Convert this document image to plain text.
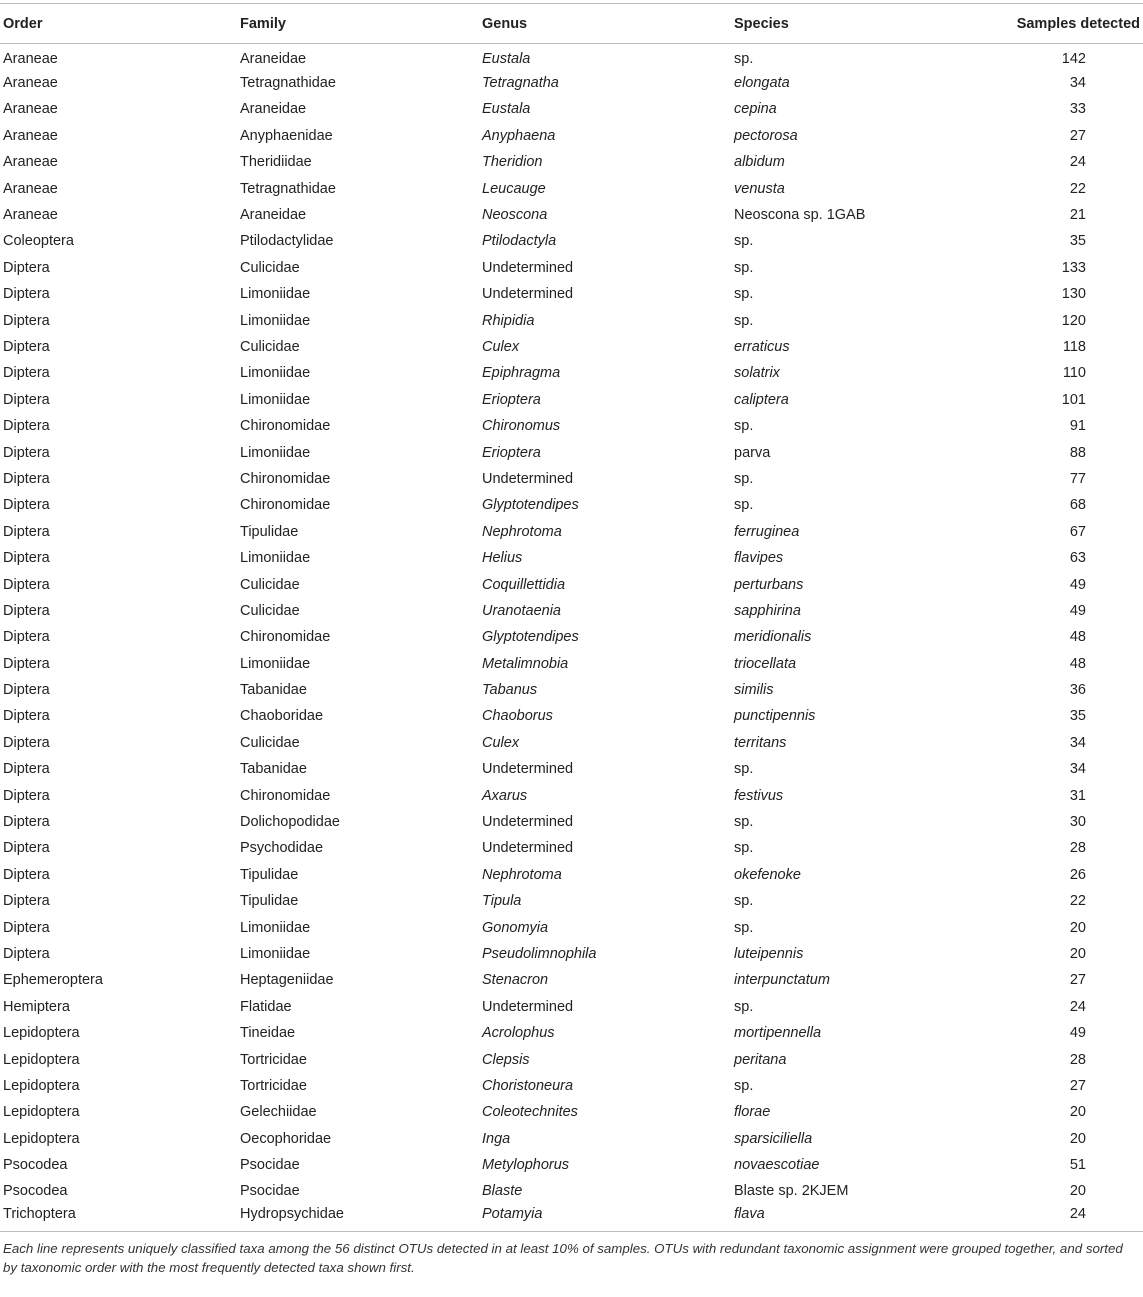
Order	Family	Genus	Species	Samples detected
Araneae	Araneidae	Eustala	sp.	142
Araneae	Tetragnathidae	Tetragnatha	elongata	34
Araneae	Araneidae	Eustala	cepina	33
Araneae	Anyphaenidae	Anyphaena	pectorosa	27
Araneae	Theridiidae	Theridion	albidum	24
Araneae	Tetragnathidae	Leucauge	venusta	22
Araneae	Araneidae	Neoscona	Neoscona sp. 1GAB	21
Coleoptera	Ptilodactylidae	Ptilodactyla	sp.	35
Diptera	Culicidae	Undetermined	sp.	133
Diptera	Limoniidae	Undetermined	sp.	130
Diptera	Limoniidae	Rhipidia	sp.	120
Diptera	Culicidae	Culex	erraticus	118
Diptera	Limoniidae	Epiphragma	solatrix	110
Diptera	Limoniidae	Erioptera	caliptera	101
Diptera	Chironomidae	Chironomus	sp.	91
Diptera	Limoniidae	Erioptera	parva	88
Diptera	Chironomidae	Undetermined	sp.	77
Diptera	Chironomidae	Glyptotendipes	sp.	68
Diptera	Tipulidae	Nephrotoma	ferruginea	67
Diptera	Limoniidae	Helius	flavipes	63
Diptera	Culicidae	Coquillettidia	perturbans	49
Diptera	Culicidae	Uranotaenia	sapphirina	49
Diptera	Chironomidae	Glyptotendipes	meridionalis	48
Diptera	Limoniidae	Metalimnobia	triocellata	48
Diptera	Tabanidae	Tabanus	similis	36
Diptera	Chaoboridae	Chaoborus	punctipennis	35
Diptera	Culicidae	Culex	territans	34
Diptera	Tabanidae	Undetermined	sp.	34
Diptera	Chironomidae	Axarus	festivus	31
Diptera	Dolichopodidae	Undetermined	sp.	30
Diptera	Psychodidae	Undetermined	sp.	28
Diptera	Tipulidae	Nephrotoma	okefenoke	26
Diptera	Tipulidae	Tipula	sp.	22
Diptera	Limoniidae	Gonomyia	sp.	20
Diptera	Limoniidae	Pseudolimnophila	luteipennis	20
Ephemeroptera	Heptageniidae	Stenacron	interpunctatum	27
Hemiptera	Flatidae	Undetermined	sp.	24
Lepidoptera	Tineidae	Acrolophus	mortipennella	49
Lepidoptera	Tortricidae	Clepsis	peritana	28
Lepidoptera	Tortricidae	Choristoneura	sp.	27
Lepidoptera	Gelechiidae	Coleotechnites	florae	20
Lepidoptera	Oecophoridae	Inga	sparsiciliella	20
Psocodea	Psocidae	Metylophorus	novaescotiae	51
Psocodea	Psocidae	Blaste	Blaste sp. 2KJEM	20
Trichoptera	Hydropsychidae	Potamyia	flava	24

Each line represents uniquely classified taxa among the 56 distinct OTUs detected in at least 10% of samples. OTUs with redundant taxonomic assignment were grouped together, and sorted by taxonomic order with the most frequently detected taxa shown first.
